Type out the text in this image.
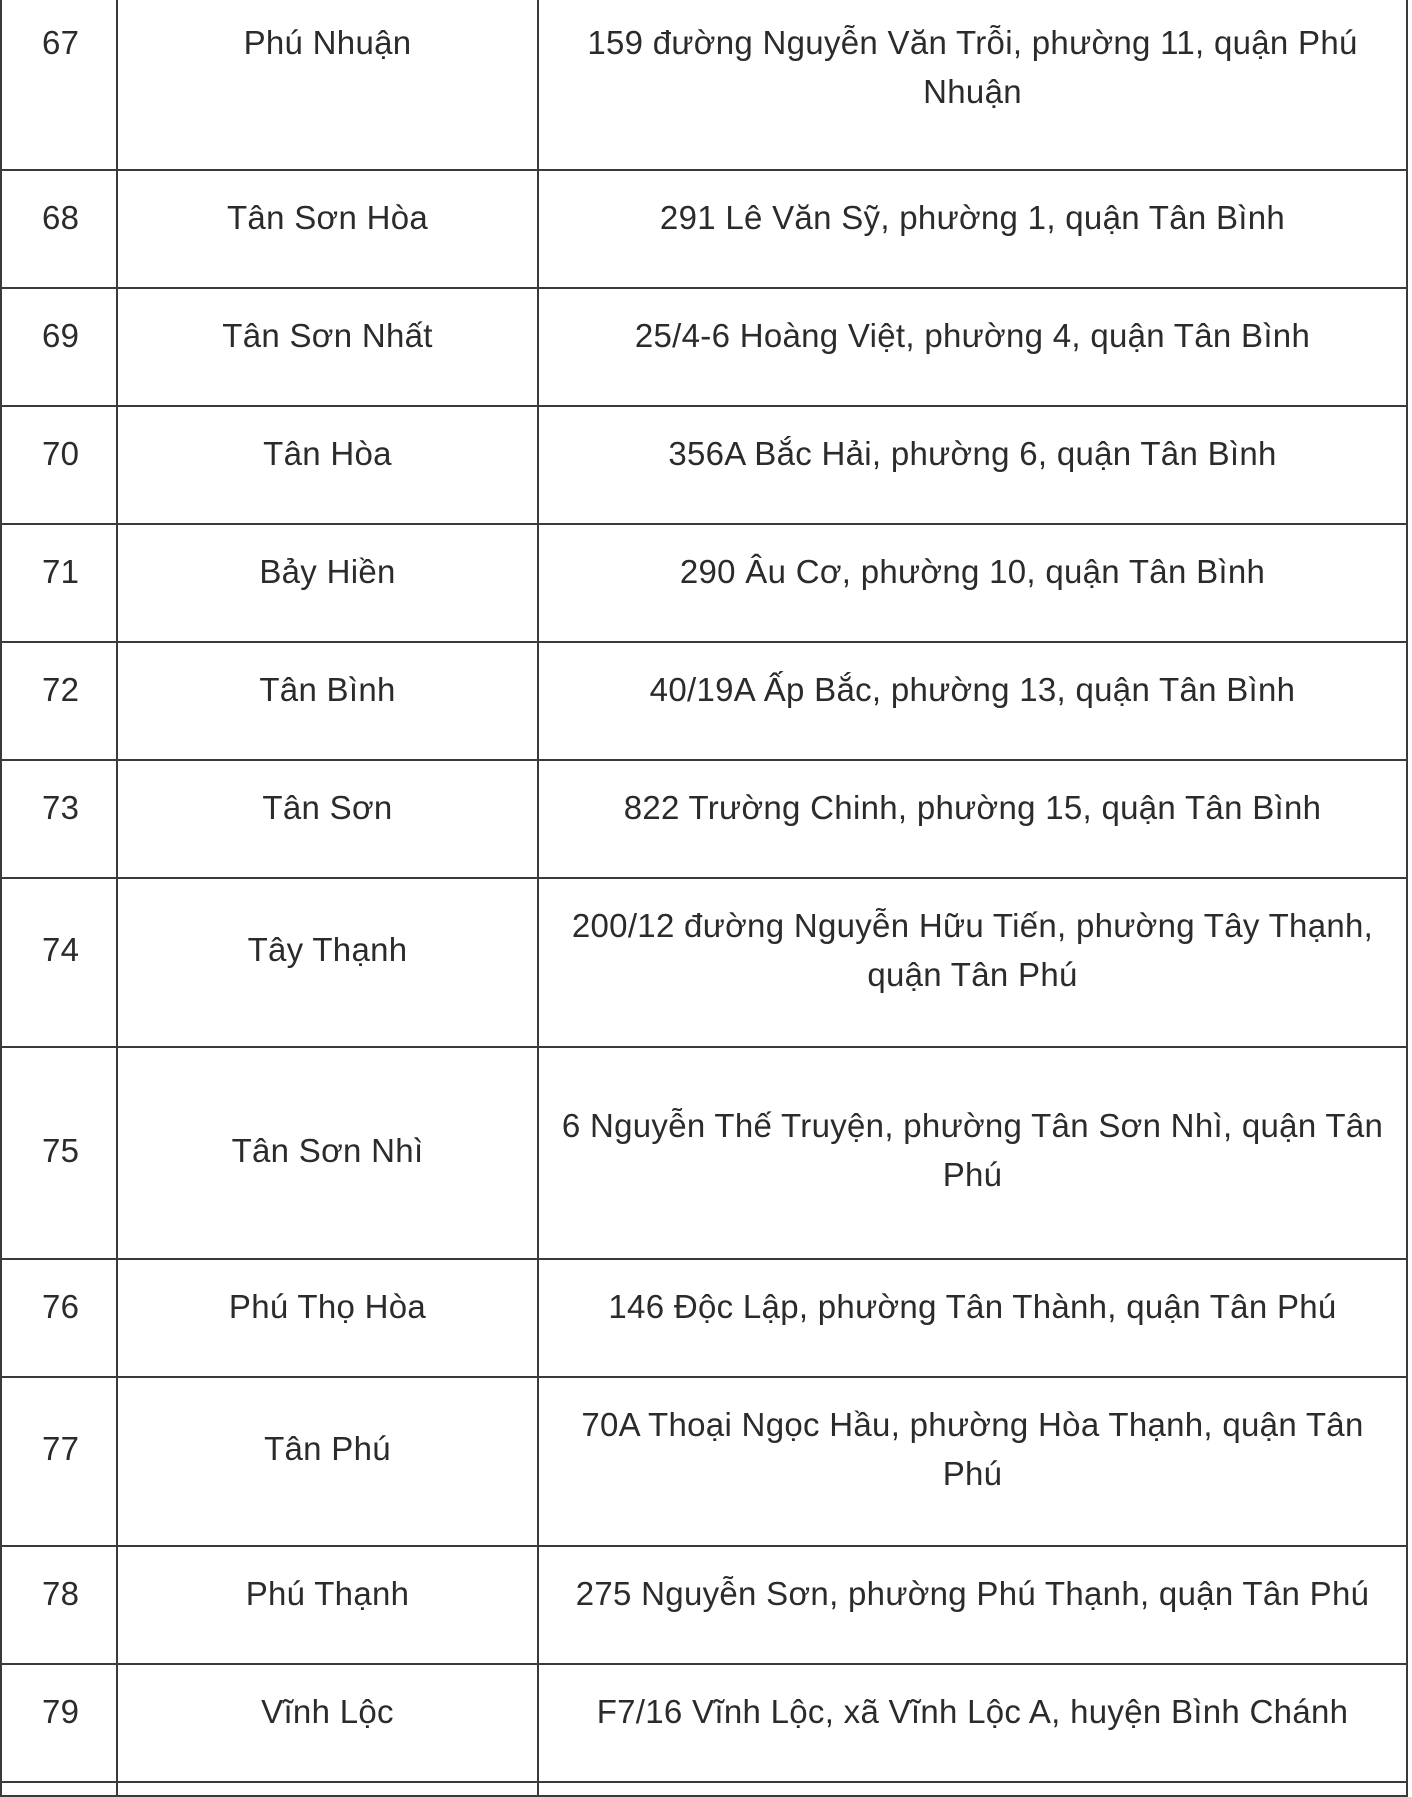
67	Phú Nhuận	159 đường Nguyễn Văn Trỗi, phường 11, quận Phú Nhuận
68	Tân Sơn Hòa	291 Lê Văn Sỹ, phường 1, quận Tân Bình
69	Tân Sơn Nhất	25/4-6 Hoàng Việt, phường 4, quận Tân Bình
70	Tân Hòa	356A Bắc Hải, phường 6, quận Tân Bình
71	Bảy Hiền	290 Âu Cơ, phường 10, quận Tân Bình
72	Tân Bình	40/19A Ấp Bắc, phường 13, quận Tân Bình
73	Tân Sơn	822 Trường Chinh, phường 15, quận Tân Bình
74	Tây Thạnh	200/12 đường Nguyễn Hữu Tiến, phường Tây Thạnh, quận Tân Phú
75	Tân Sơn Nhì	6 Nguyễn Thế Truyện, phường Tân Sơn Nhì, quận Tân Phú
76	Phú Thọ Hòa	146 Độc Lập, phường Tân Thành, quận Tân Phú
77	Tân Phú	70A Thoại Ngọc Hầu, phường Hòa Thạnh, quận Tân Phú
78	Phú Thạnh	275 Nguyễn Sơn, phường Phú Thạnh, quận Tân Phú
79	Vĩnh Lộc	F7/16 Vĩnh Lộc, xã Vĩnh Lộc A, huyện Bình Chánh
